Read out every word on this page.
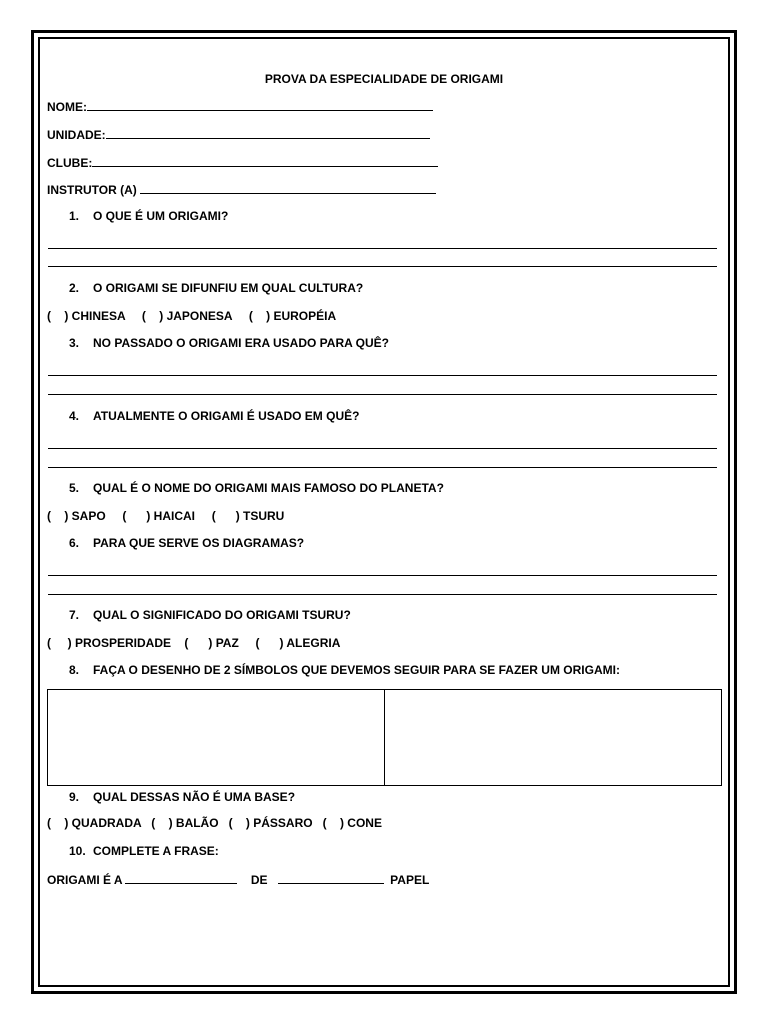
PROVA DA ESPECIALIDADE DE ORIGAMI
NOME:
UNIDADE:
CLUBE:
INSTRUTOR (A)
1. O QUE É UM ORIGAMI?
2. O ORIGAMI SE DIFUNFIU EM QUAL CULTURA?
(    ) CHINESA (    ) JAPONESA (    ) EUROPÉIA
3. NO PASSADO O ORIGAMI ERA USADO PARA QUÊ?
4. ATUALMENTE O ORIGAMI É USADO EM QUÊ?
5. QUAL É O NOME DO ORIGAMI MAIS FAMOSO DO PLANETA?
(    ) SAPO (      ) HAICAI (      ) TSURU
6. PARA QUE SERVE OS DIAGRAMAS?
7. QUAL O SIGNIFICADO DO ORIGAMI TSURU?
(     ) PROSPERIDADE (      ) PAZ (      ) ALEGRIA
8. FAÇA O DESENHO DE 2 SÍMBOLOS QUE DEVEMOS SEGUIR PARA SE FAZER UM ORIGAMI:
9. QUAL DESSAS NÃO É UMA BASE?
(    ) QUADRADA (    ) BALÃO (    ) PÁSSARO (    ) CONE
10. COMPLETE A FRASE:
ORIGAMI É A	DE	PAPEL
